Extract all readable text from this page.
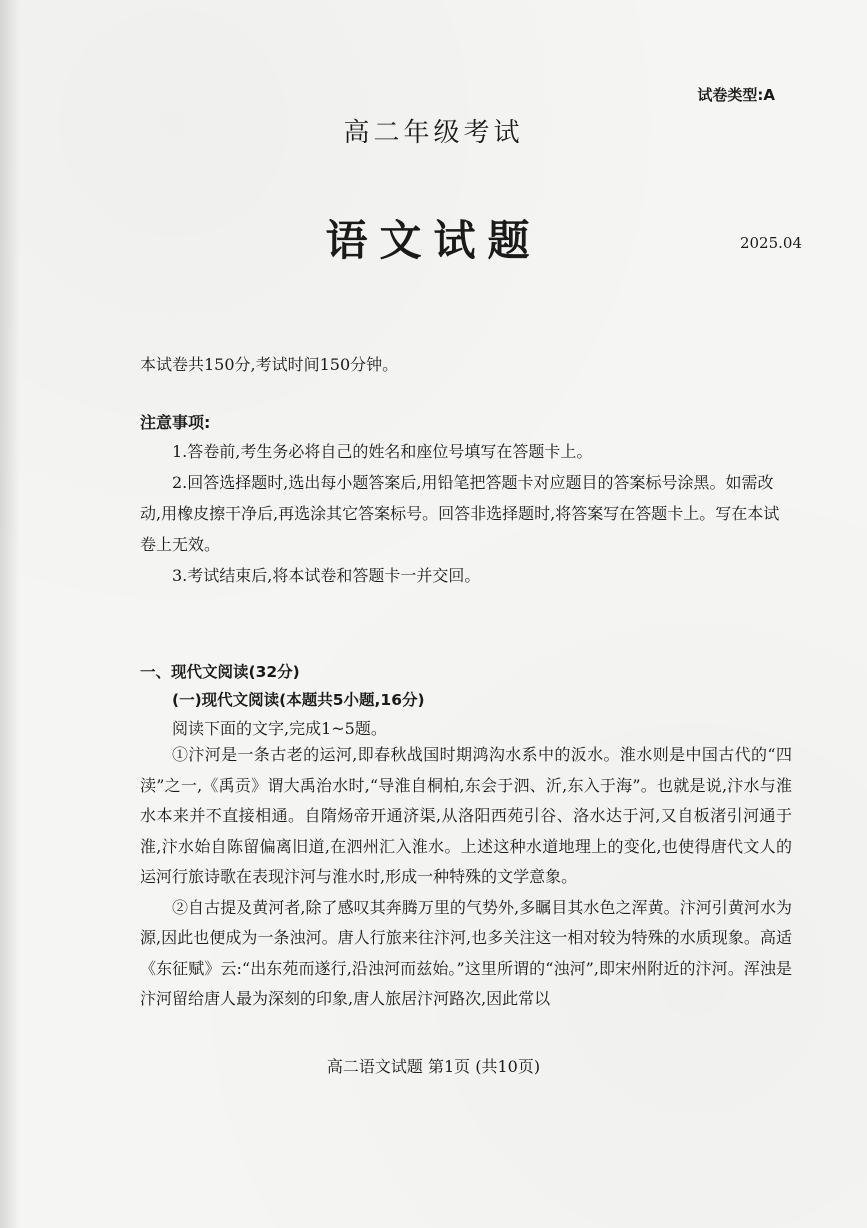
试卷类型:A
高二年级考试
语文试题	2025.04
本试卷共150分,考试时间150分钟。
注意事项:

1.答卷前,考生务必将自己的姓名和座位号填写在答题卡上。

2.回答选择题时,选出每小题答案后,用铅笔把答题卡对应题目的答案标号涂黑。如需改动,用橡皮擦干净后,再选涂其它答案标号。回答非选择题时,将答案写在答题卡上。写在本试卷上无效。

3.考试结束后,将本试卷和答题卡一并交回。

一、现代文阅读(32分)
(一)现代文阅读(本题共5小题,16分)
阅读下面的文字,完成1~5题。

①汴河是一条古老的运河,即春秋战国时期鸿沟水系中的汳水。淮水则是中国古代的“四渎”之一,《禹贡》谓大禹治水时,“导淮自桐柏,东会于泗、沂,东入于海”。也就是说,汴水与淮水本来并不直接相通。自隋炀帝开通济渠,从洛阳西苑引谷、洛水达于河,又自板渚引河通于淮,汴水始自陈留偏离旧道,在泗州汇入淮水。上述这种水道地理上的变化,也使得唐代文人的运河行旅诗歌在表现汴河与淮水时,形成一种特殊的文学意象。

②自古提及黄河者,除了感叹其奔腾万里的气势外,多瞩目其水色之浑黄。汴河引黄河水为源,因此也便成为一条浊河。唐人行旅来往汴河,也多关注这一相对较为特殊的水质现象。高适《东征赋》云:“出东苑而遂行,沿浊河而兹始。”这里所谓的“浊河”,即宋州附近的汴河。浑浊是汴河留给唐人最为深刻的印象,唐人旅居汴河路次,因此常以

高二语文试题 第1页 (共10页)
